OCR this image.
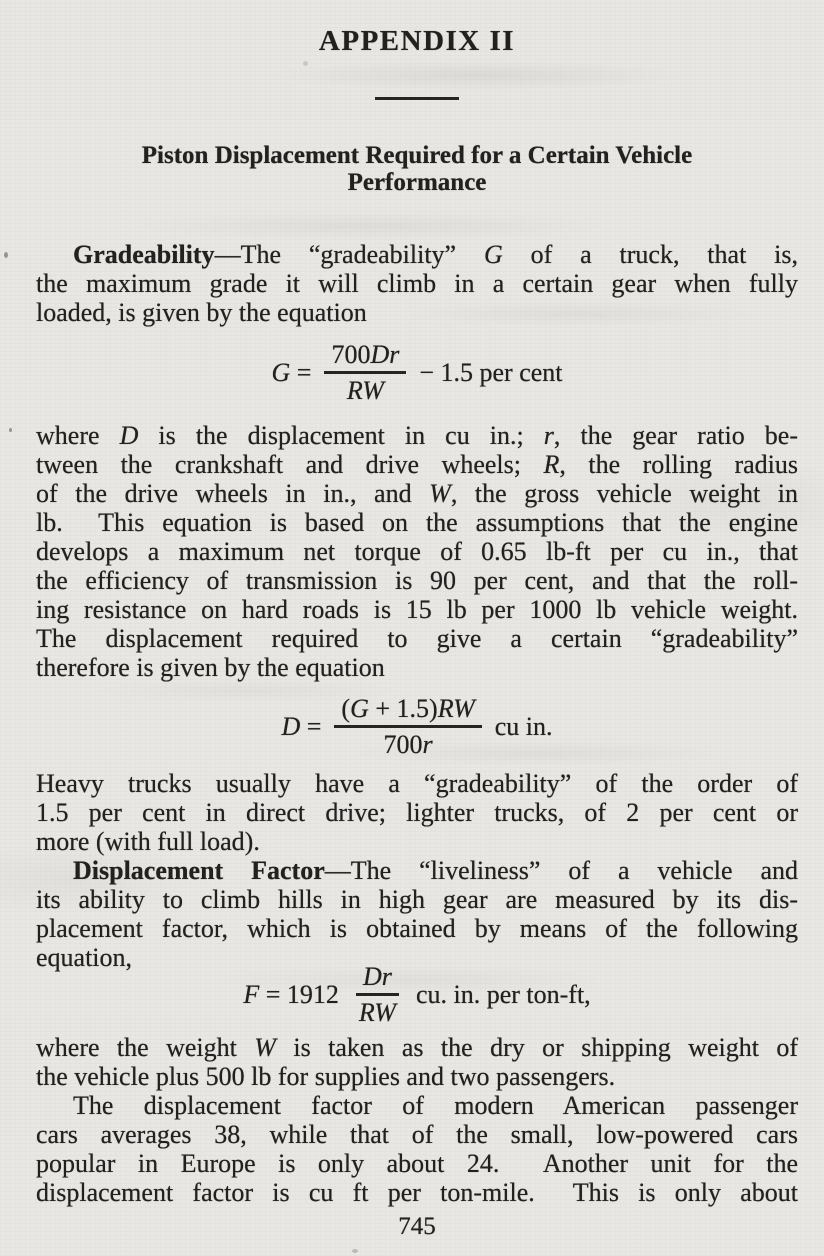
APPENDIX II
Piston Displacement Required for a Certain Vehicle
Performance
Gradeability—The “gradeability” G of a truck, that is,
the maximum grade it will climb in a certain gear when fully
loaded, is given by the equation
$G = \frac{700Dr}{RW} - 1.5$ per cent
where D is the displacement in cu in.; r, the gear ratio be-
tween the crankshaft and drive wheels; R, the rolling radius
of the drive wheels in in., and W, the gross vehicle weight in
lb.  This equation is based on the assumptions that the engine
develops a maximum net torque of 0.65 lb-ft per cu in., that
the efficiency of transmission is 90 per cent, and that the roll-
ing resistance on hard roads is 15 lb per 1000 lb vehicle weight.
The displacement required to give a certain “gradeability”
therefore is given by the equation
$D = \frac{(G + 1.5)RW}{700r}$ cu in.
Heavy trucks usually have a “gradeability” of the order of
1.5 per cent in direct drive; lighter trucks, of 2 per cent or
more (with full load).
Displacement Factor—The “liveliness” of a vehicle and
its ability to climb hills in high gear are measured by its dis-
placement factor, which is obtained by means of the following
equation,
$F = 1912 \frac{Dr}{RW}$ cu. in. per ton-ft,
where the weight W is taken as the dry or shipping weight of
the vehicle plus 500 lb for supplies and two passengers.
The displacement factor of modern American passenger
cars averages 38, while that of the small, low-powered cars
popular in Europe is only about 24.  Another unit for the
displacement factor is cu ft per ton-mile.  This is only about
745
